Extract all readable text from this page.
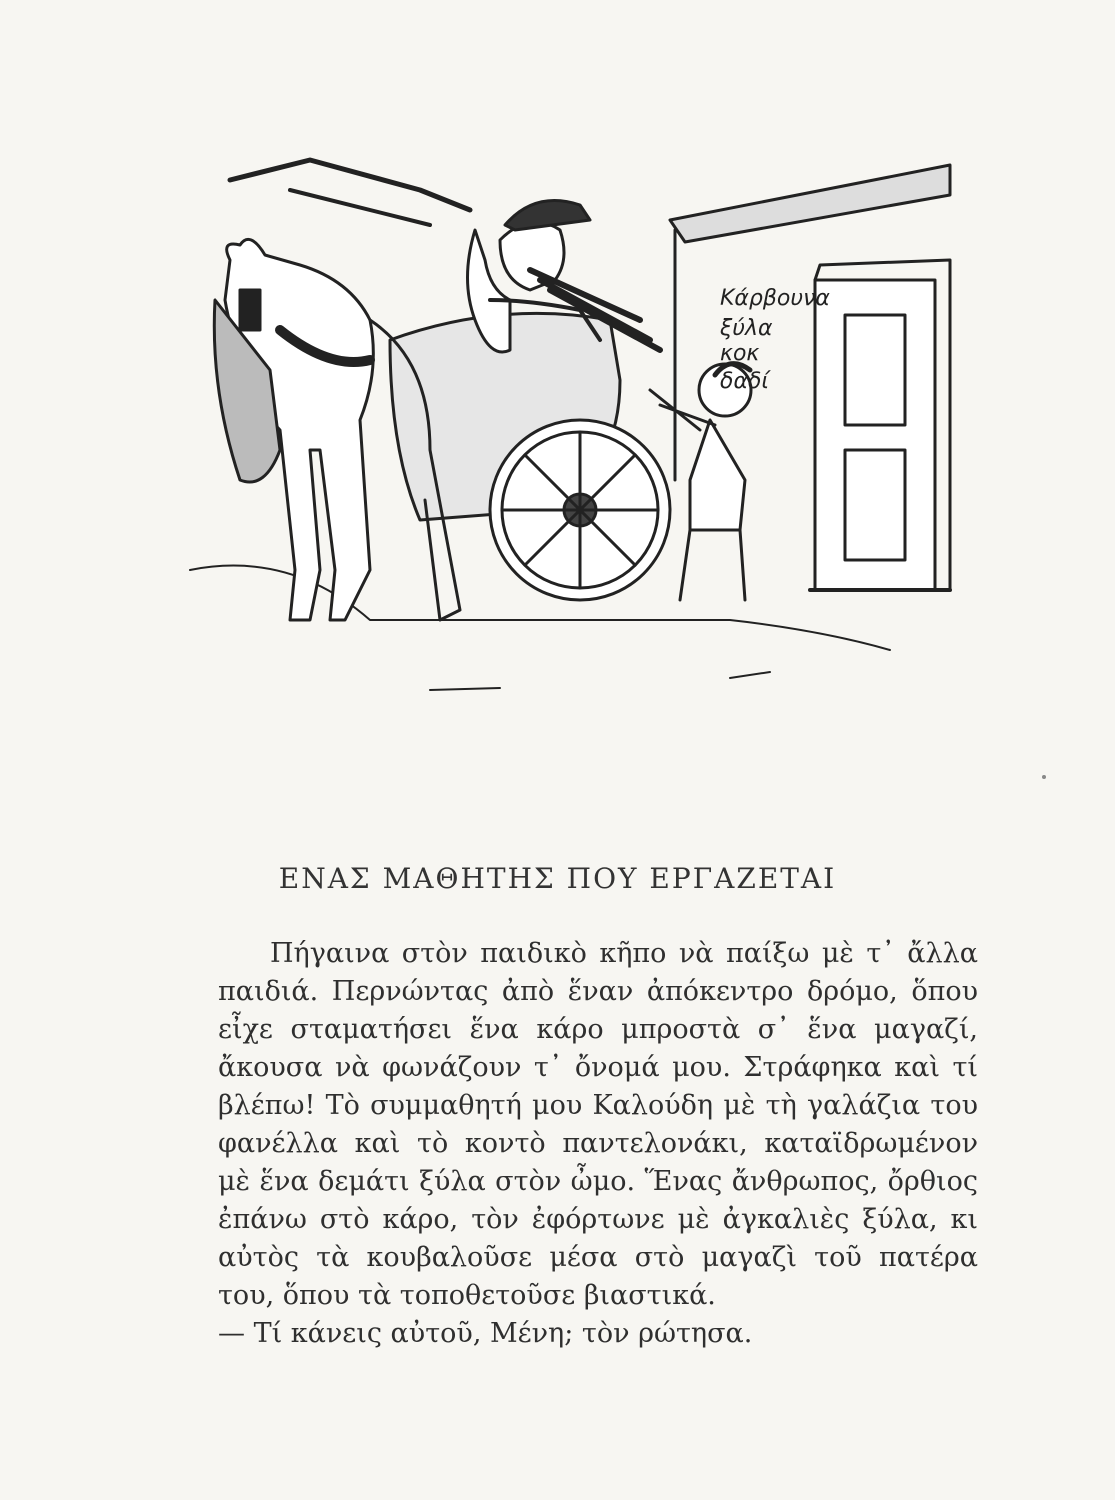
Κάρβουνα
ξύλα
κοκ
δαδί
ΕΝΑΣ ΜΑΘΗΤΗΣ ΠΟΥ ΕΡΓΑΖΕΤΑΙ

Πήγαινα στὸν παιδικὸ κῆπο νὰ παίξω μὲ τ᾿ ἄλλα παιδιά. Περνώντας ἀπὸ ἕναν ἀπόκεντρο δρόμο, ὅπου εἶχε σταματήσει ἕνα κάρο μπροστὰ σ᾿ ἕνα μαγαζί, ἄκουσα νὰ φωνάζουν τ᾿ ὄνομά μου. Στράφηκα καὶ τί βλέπω! Τὸ συμμαθητή μου Καλούδη μὲ τὴ γαλάζια του φανέλλα καὶ τὸ κοντὸ παντελονάκι, καταϊδρωμένον μὲ ἕνα δεμάτι ξύλα στὸν ὦμο. Ἕνας ἄνθρωπος, ὄρθιος ἐπάνω στὸ κάρο, τὸν ἐφόρτωνε μὲ ἀγκαλιὲς ξύλα, κι αὐτὸς τὰ κουβαλοῦσε μέσα στὸ μαγαζὶ τοῦ πατέρα του, ὅπου τὰ τοποθετοῦσε βιαστικά.

— Τί κάνεις αὐτοῦ, Μένη; τὸν ρώτησα.
